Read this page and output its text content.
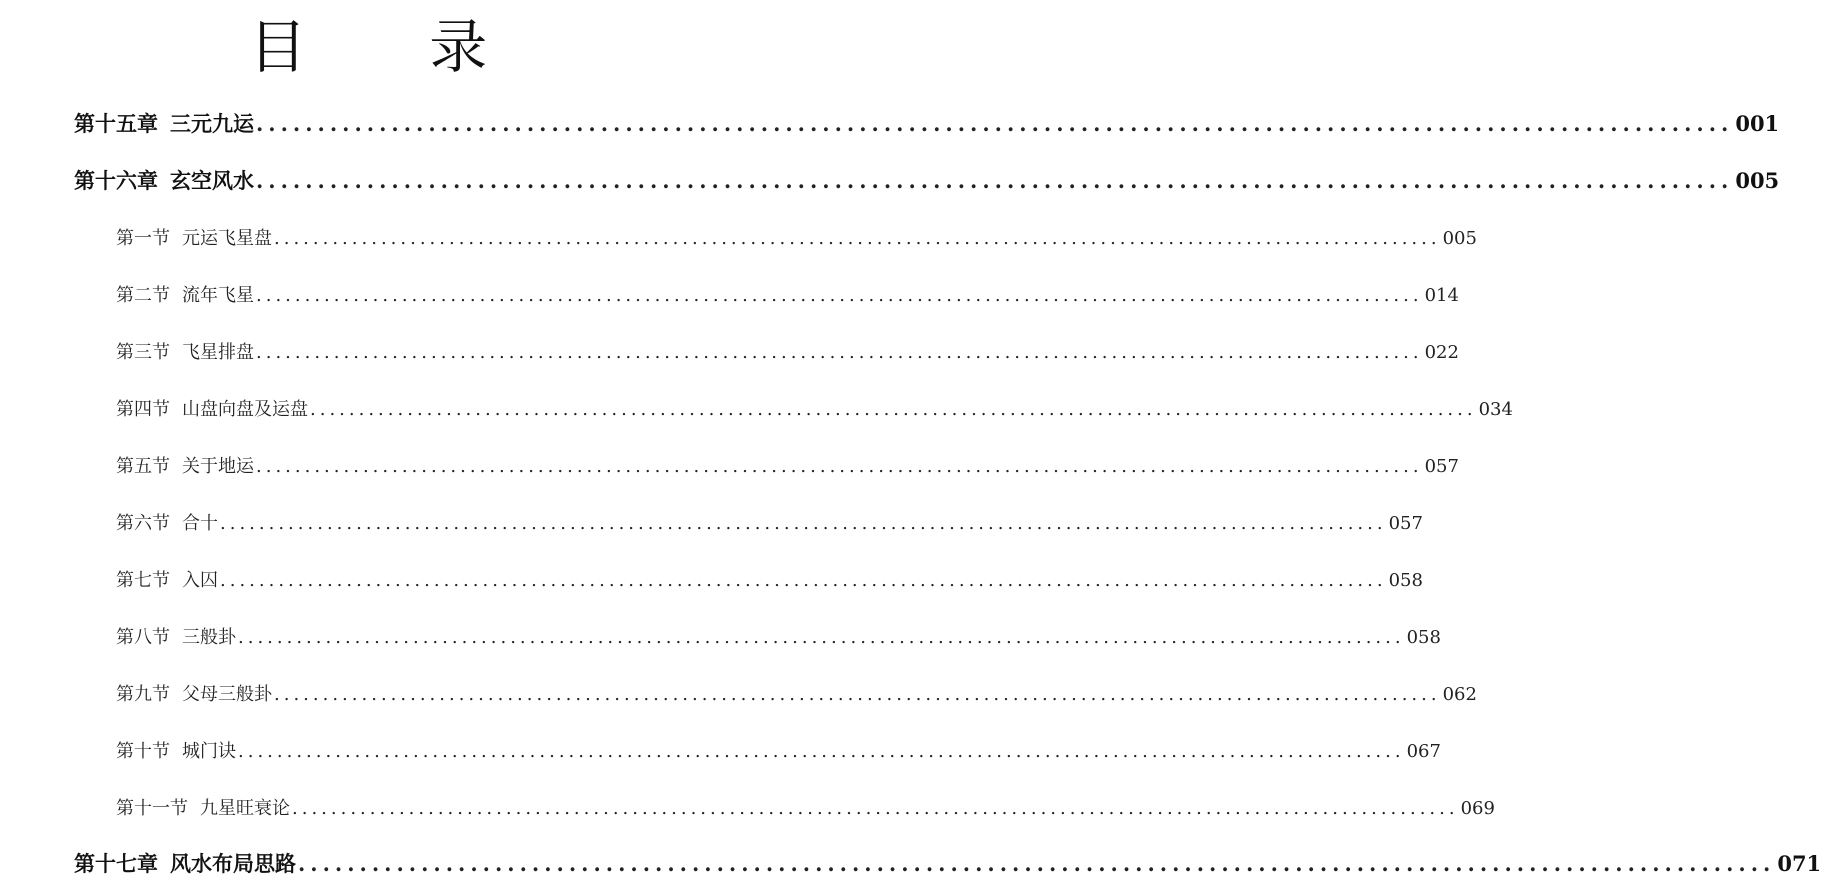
目 录
第十五章 三元九运 ........................................................................................................................ 001
第十六章 玄空风水 ........................................................................................................................ 005
第一节 元运飞星盘 ........................................................................................................................ 005
第二节 流年飞星 ........................................................................................................................ 014
第三节 飞星排盘 ........................................................................................................................ 022
第四节 山盘向盘及运盘 ........................................................................................................................ 034
第五节 关于地运 ........................................................................................................................ 057
第六节 合十 ........................................................................................................................ 057
第七节 入囚 ........................................................................................................................ 058
第八节 三般卦 ........................................................................................................................ 058
第九节 父母三般卦 ........................................................................................................................ 062
第十节 城门诀 ........................................................................................................................ 067
第十一节 九星旺衰论 ........................................................................................................................ 069
第十七章 风水布局思路 ........................................................................................................................ 071
